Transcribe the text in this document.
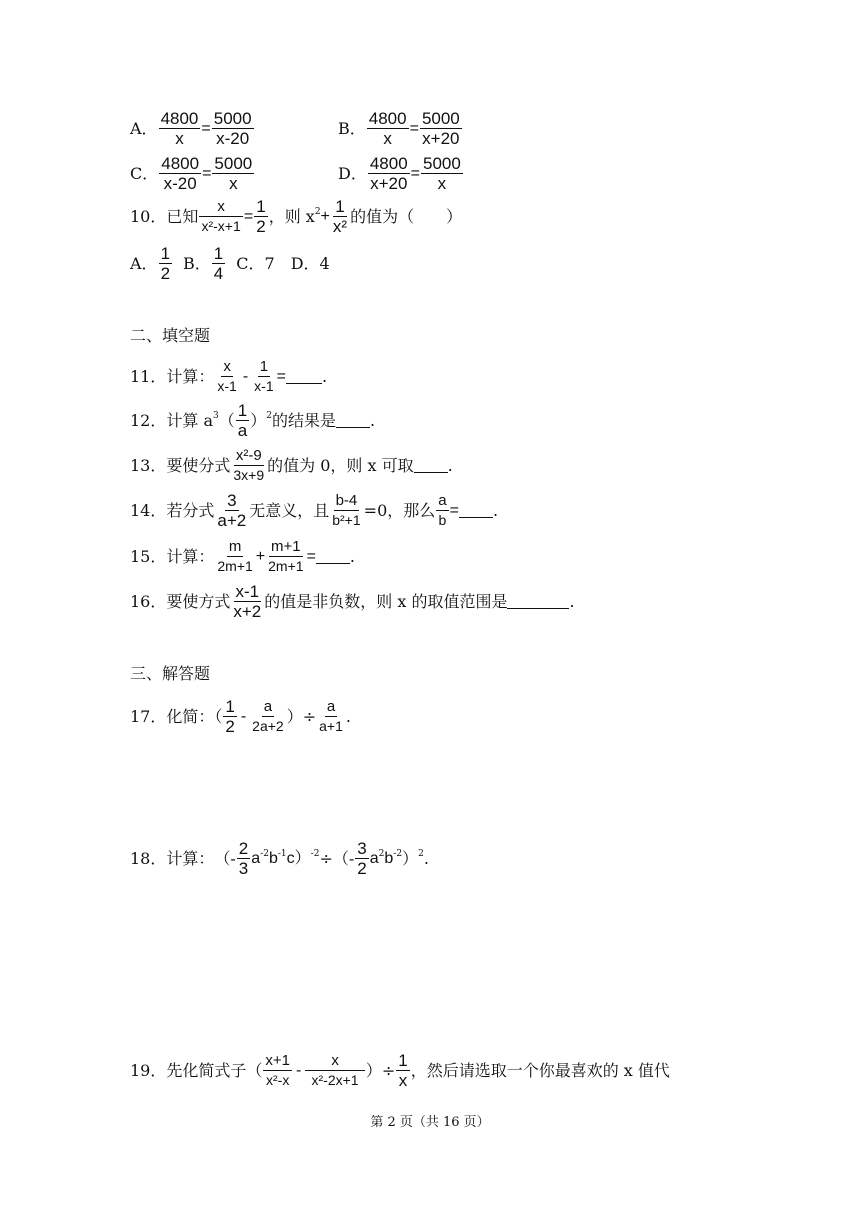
A． $\frac{4800}{x} = \frac{5000}{x-20}$	B． $\frac{4800}{x} = \frac{5000}{x+20}$
C． $\frac{4800}{x-20} = \frac{5000}{x}$	D． $\frac{4800}{x+20} = \frac{5000}{x}$
10．已知 $\frac{x}{\text{x²-x+1}} = \frac{1}{2}$ ，则 $x^2 + \frac{1}{\text{x²}}$ 的值为（　　）
A． 1
2
B． 1
4
C．7 D．4
二、填空题
11．计算： x
x-1
- $\frac{1}{x-1}$ = .
12．计算 $a^3$ （ 1
a
）$^2$ 的结果是 .
13．要使分式 x²-9
3x+9
的值为 0，则 x 可取 .
14．若分式 3
a+2
无意义，且 $\frac{b-4}{\text{b²+1}} =0$，那么 $\frac{a}{b}$ = .
15．计算： m
2m+1
+ $\frac{m+1}{2m+1}$ = .
16．要使方式 x-1
x+2
的值是非负数，则 x 的取值范围是	.
三、解答题
17．化简：（ 1
2
-
a
2a+2
）÷ $\frac{a}{a+1}$ .
18．计算： （- 2
3
$a^{-2}$ $b^{-1}$ c）$^{-2}$ ÷（- 3
2
$a^2$ $b^{-2}$ ）$^2$ .
19．先化简式子（ x+1
x²-x
-
x
x²-2x+1
）÷ $\frac{1}{x}$ ，然后请选取一个你最喜欢的 x 值代
第 2 页（共 16 页）
